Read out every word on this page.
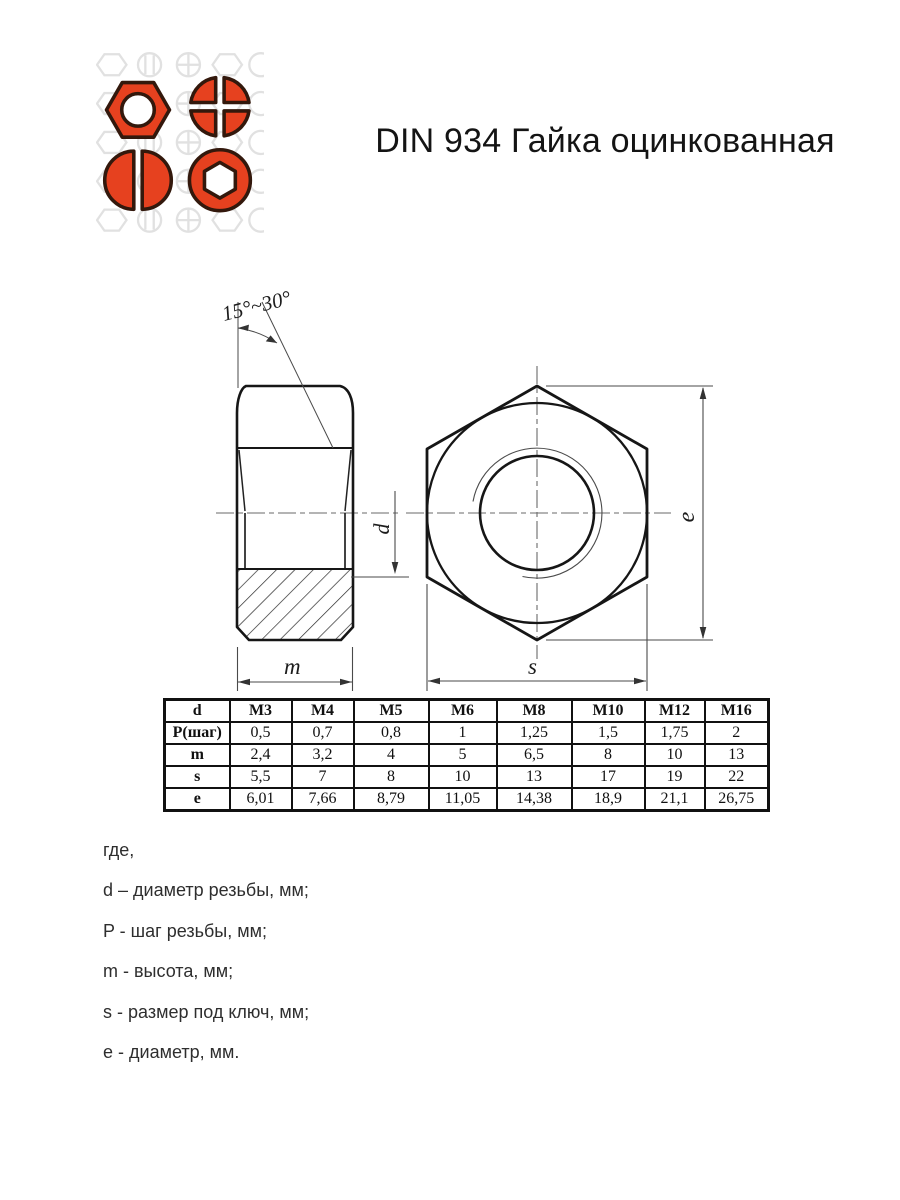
DIN 934 Гайка оцинкованная
15°~30°
m
d
e
s
d	M3	M4	M5	M6	M8	M10	M12	M16
P(шаг)	0,5	0,7	0,8	1	1,25	1,5	1,75	2
m	2,4	3,2	4	5	6,5	8	10	13
s	5,5	7	8	10	13	17	19	22
e	6,01	7,66	8,79	11,05	14,38	18,9	21,1	26,75
где,
d – диаметр резьбы, мм;
P - шаг резьбы, мм;
m - высота, мм;
s - размер под ключ, мм;
e - диаметр, мм.
